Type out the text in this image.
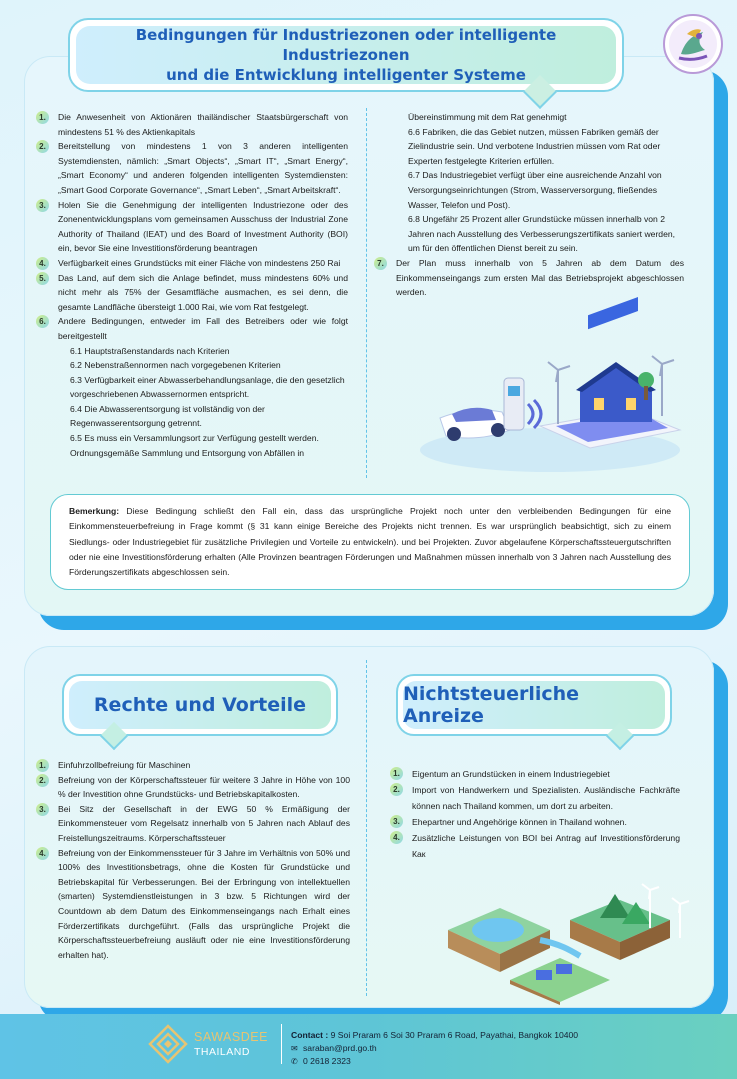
Bedingungen für Industriezonen oder intelligente Industriezonen
und die Entwicklung intelligenter Systeme
1.	Die Anwesenheit von Aktionären thailändischer Staatsbürgerschaft von mindestens 51 % des Aktienkapitals
2.	Bereitstellung von mindestens 1 von 3 anderen intelligenten Systemdiensten, nämlich: „Smart Objects“, „Smart IT“, „Smart Energy“, „Smart Economy“ und anderen folgenden intelligenten Systemdiensten: „Smart Good Corporate Governance“, „Smart Leben“, „Smart Arbeitskraft“.
3.	Holen Sie die Genehmigung der intelligenten Industriezone oder des Zonenentwicklungsplans vom gemeinsamen Ausschuss der Industrial Zone Authority of Thailand (IEAT) und des Board of Investment Authority (BOI) ein, bevor Sie eine Investitionsförderung beantragen
4.	Verfügbarkeit eines Grundstücks mit einer Fläche von mindestens 250 Rai
5.	Das Land, auf dem sich die Anlage befindet, muss mindestens 60% und nicht mehr als 75% der Gesamtfläche ausmachen, es sei denn, die gesamte Landfläche übersteigt 1.000 Rai, wie vom Rat festgelegt.
6.	Andere Bedingungen, entweder im Fall des Betreibers oder wie folgt bereitgestellt
6.1 Hauptstraßenstandards nach Kriterien
6.2 Nebenstraßennormen nach vorgegebenen Kriterien
6.3 Verfügbarkeit einer Abwasserbehandlungsanlage, die den gesetzlich vorgeschriebenen Abwassernormen entspricht.
6.4 Die Abwasserentsorgung ist vollständig von der Regenwasserentsorgung getrennt.
6.5 Es muss ein Versammlungsort zur Verfügung gestellt werden. Ordnungsgemäße Sammlung und Entsorgung von Abfällen in
Übereinstimmung mit dem Rat genehmigt
6.6 Fabriken, die das Gebiet nutzen, müssen Fabriken gemäß der Zielindustrie sein. Und verbotene Industrien müssen vom Rat oder Experten festgelegte Kriterien erfüllen.
6.7 Das Industriegebiet verfügt über eine ausreichende Anzahl von Versorgungseinrichtungen (Strom, Wasserversorgung, fließendes Wasser, Telefon und Post).
6.8 Ungefähr 25 Prozent aller Grundstücke müssen innerhalb von 2 Jahren nach Ausstellung des Verbesserungszertifikats saniert werden, um für den öffentlichen Dienst bereit zu sein.
7.	Der Plan muss innerhalb von 5 Jahren ab dem Datum des Einkommenseingangs zum ersten Mal das Betriebsprojekt abgeschlossen werden.
Bemerkung: Diese Bedingung schließt den Fall ein, dass das ursprüngliche Projekt noch unter den verbleibenden Bedingungen für eine Einkommensteuerbefreiung in Frage kommt (§ 31 kann einige Bereiche des Projekts nicht trennen. Es war ursprünglich beabsichtigt, sich zu einem Siedlungs- oder Industriegebiet für zusätzliche Privilegien und Vorteile zu entwickeln). und bei Projekten. Zuvor abgelaufene Körperschaftssteuergutschriften oder nie eine Investitionsförderung erhalten (Alle Provinzen beantragen Förderungen und Maßnahmen müssen innerhalb von 3 Jahren nach Ausstellung des Förderungszertifikats abgeschlossen sein.
Rechte und Vorteile	Nichtsteuerliche Anreize
1.	Einfuhrzollbefreiung für Maschinen
2.	Befreiung von der Körperschaftssteuer für weitere 3 Jahre in Höhe von 100 % der Investition ohne Grundstücks- und Betriebskapitalkosten.
3.	Bei Sitz der Gesellschaft in der EWG 50 % Ermäßigung der Einkommensteuer vom Regelsatz innerhalb von 5 Jahren nach Ablauf des Freistellungszeitraums. Körperschaftssteuer
4.	Befreiung von der Einkommenssteuer für 3 Jahre im Verhältnis von 50% und 100% des Investitionsbetrags, ohne die Kosten für Grundstücke und Betriebskapital für Verbesserungen. Bei der Erbringung von intellektuellen (smarten) Systemdienstleistungen in 3 bzw. 5 Richtungen wird der Countdown ab dem Datum des Einkommenseingangs nach Erhalt eines Förderzertifikats durchgeführt. (Falls das ursprüngliche Projekt die Körperschaftssteuerbefreiung ausläuft oder nie eine Investitionsförderung erhalten hat).
1.	Eigentum an Grundstücken in einem Industriegebiet
2.	Import von Handwerkern und Spezialisten. Ausländische Fachkräfte können nach Thailand kommen, um dort zu arbeiten.
3.	Ehepartner und Angehörige können in Thailand wohnen.
4.	Zusätzliche Leistungen von BOI bei Antrag auf Investitionsförderung Как
SAWASDEE
THAILAND
Contact : 9 Soi Praram 6 Soi 30 Praram 6 Road, Payathai, Bangkok 10400
✉ saraban@prd.go.th
✆ 0 2618 2323
